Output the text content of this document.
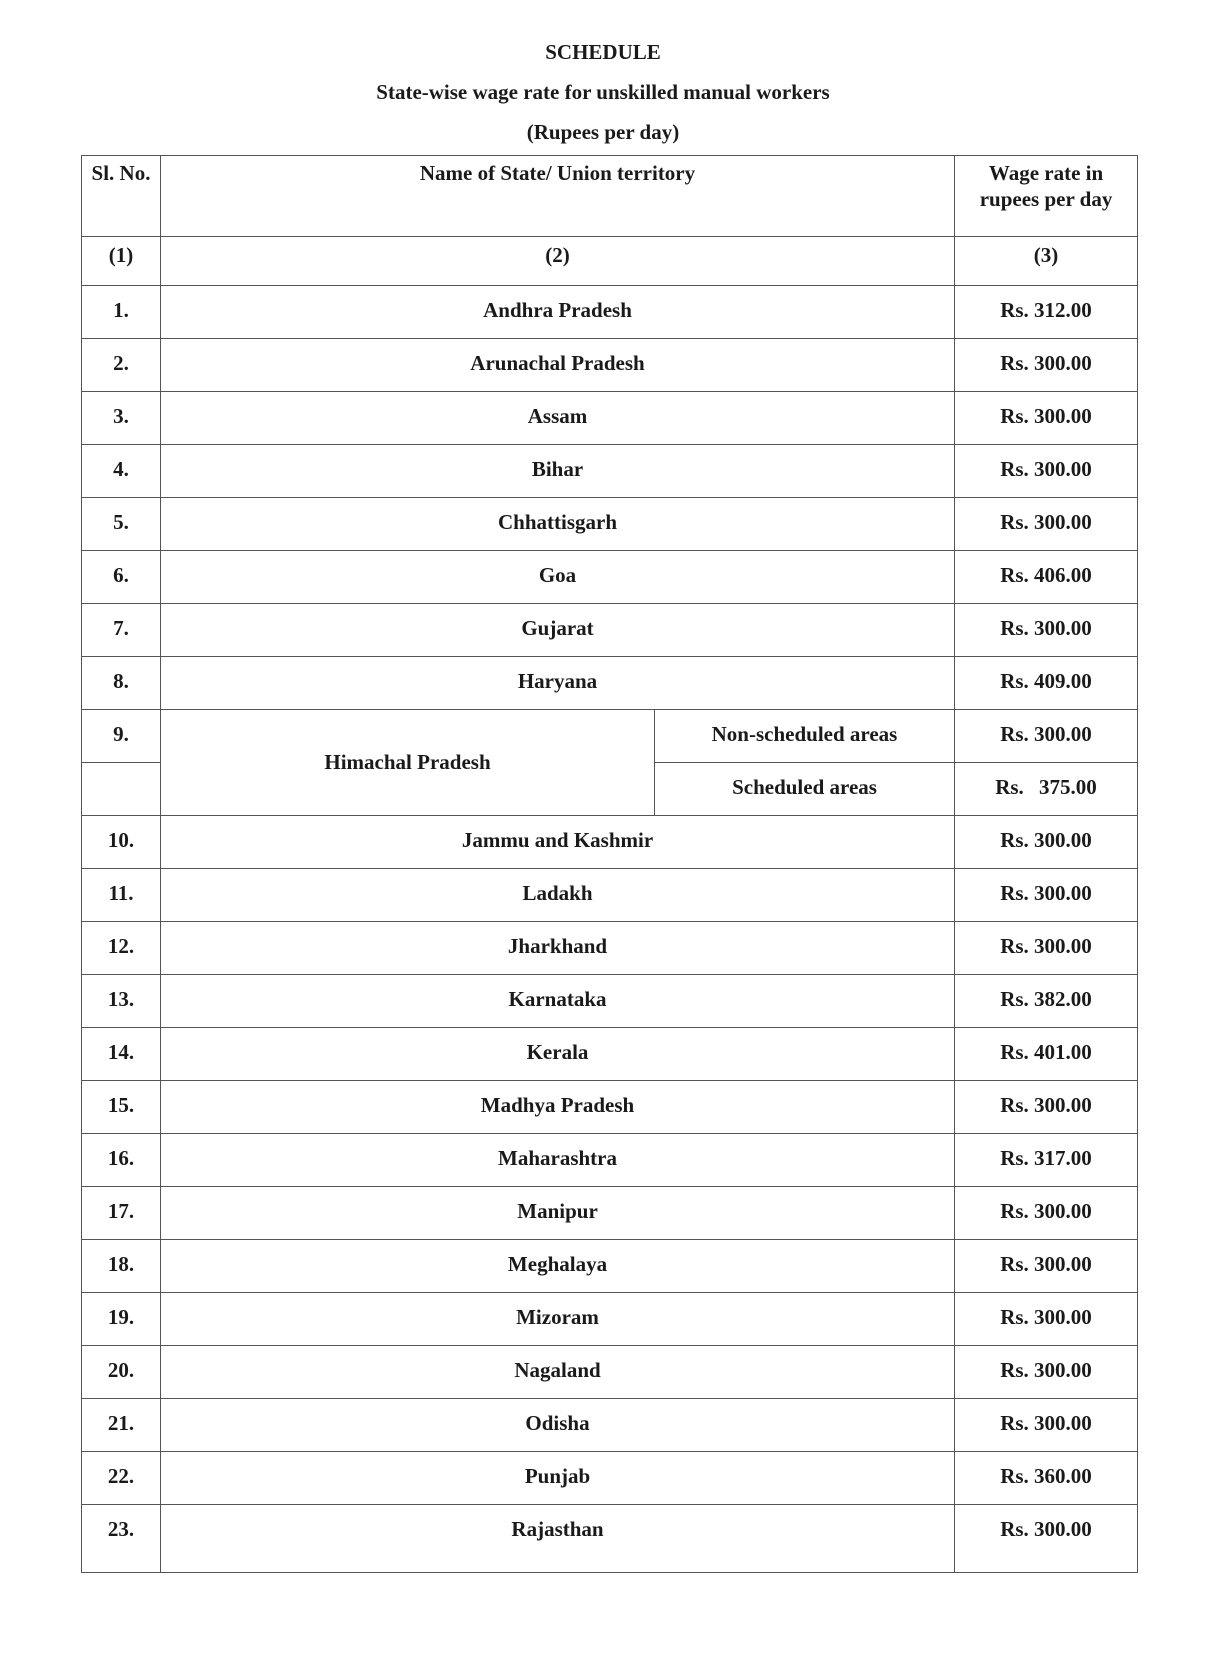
SCHEDULE
State-wise wage rate for unskilled manual workers
(Rupees per day)
Sl. No.	Name of State/ Union territory		Wage rate in rupees per day
(1)	(2)		(3)
1.	Andhra Pradesh		Rs. 312.00
2.	Arunachal Pradesh		Rs. 300.00
3.	Assam		Rs. 300.00
4.	Bihar		Rs. 300.00
5.	Chhattisgarh		Rs. 300.00
6.	Goa		Rs. 406.00
7.	Gujarat		Rs. 300.00
8.	Haryana		Rs. 409.00
9.	Himachal Pradesh	Non-scheduled areas	Rs. 300.00
		Scheduled areas	Rs. 375.00
10.	Jammu and Kashmir		Rs. 300.00
11.	Ladakh		Rs. 300.00
12.	Jharkhand		Rs. 300.00
13.	Karnataka		Rs. 382.00
14.	Kerala		Rs. 401.00
15.	Madhya Pradesh		Rs. 300.00
16.	Maharashtra		Rs. 317.00
17.	Manipur		Rs. 300.00
18.	Meghalaya		Rs. 300.00
19.	Mizoram		Rs. 300.00
20.	Nagaland		Rs. 300.00
21.	Odisha		Rs. 300.00
22.	Punjab		Rs. 360.00
23.	Rajasthan		Rs. 300.00
